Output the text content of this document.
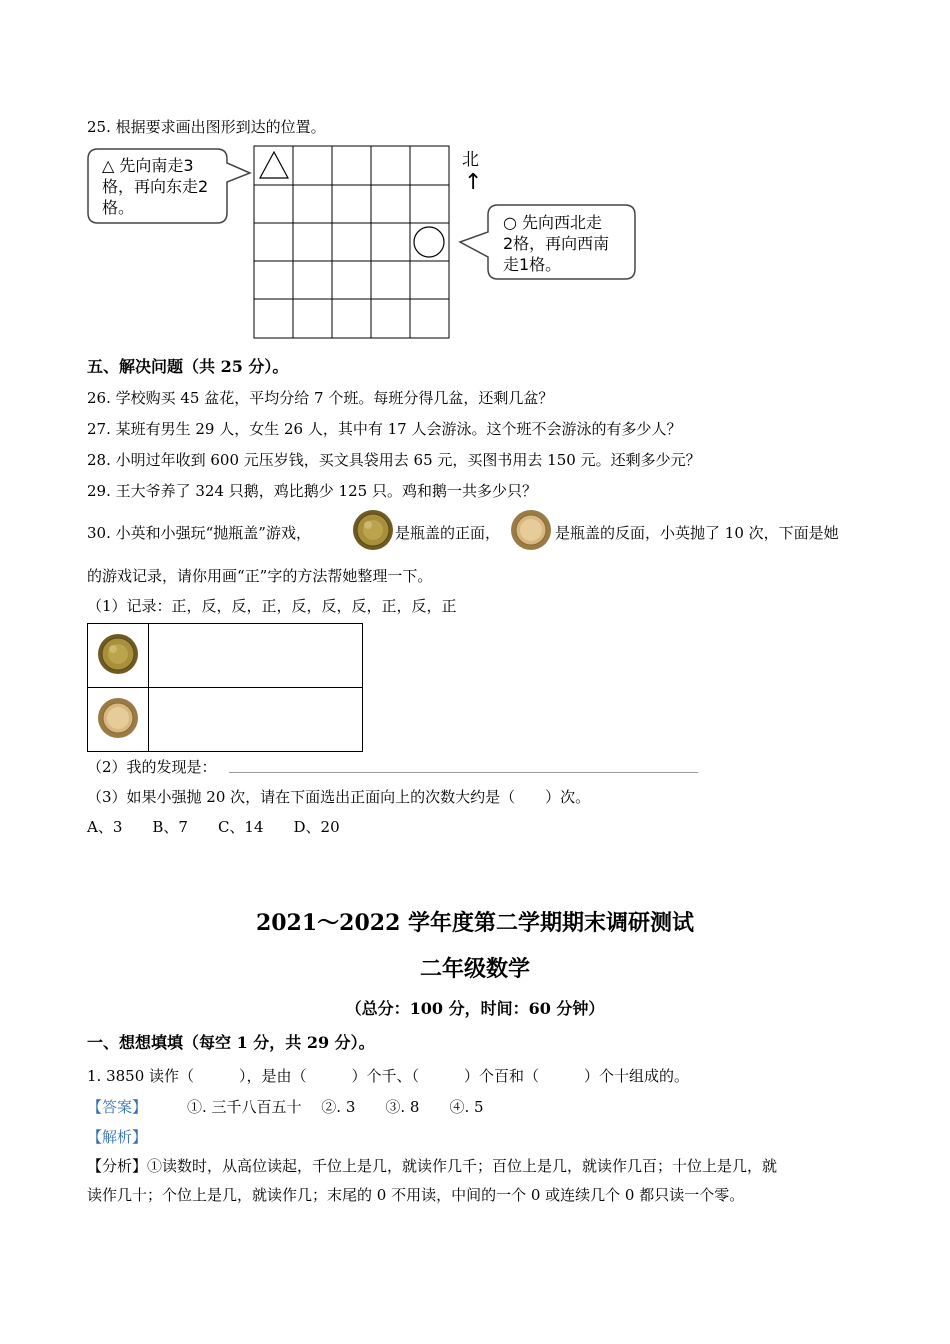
25. 根据要求画出图形到达的位置。
△ 先向南走3
格，再向东走2
格。
○ 先向西北走
2格，再向西南
走1格。
北
↑
五、解决问题（共 25 分）。
26. 学校购买 45 盆花，平均分给 7 个班。每班分得几盆，还剩几盆？
27. 某班有男生 29 人，女生 26 人，其中有 17 人会游泳。这个班不会游泳的有多少人？
28. 小明过年收到 600 元压岁钱，买文具袋用去 65 元，买图书用去 150 元。还剩多少元？
29. 王大爷养了 324 只鹅，鸡比鹅少 125 只。鸡和鹅一共多少只？
30. 小英和小强玩“抛瓶盖”游戏，	是瓶盖的正面，	是瓶盖的反面，小英抛了 10 次，下面是她
的游戏记录，请你用画“正”字的方法帮她整理一下。
（1）记录：正，反，反，正，反，反，反，正，反，正

（2）我的发现是：
（3）如果小强抛 20 次，请在下面选出正面向上的次数大约是（　　）次。
A、3　　B、7　　C、14　　D、20
2021～2022 学年度第二学期期末调研测试
二年级数学
（总分：100 分，时间：60 分钟）
一、想想填填（每空 1 分，共 29 分）。
1. 3850 读作（　　　），是由（　　　）个千、（　　　）个百和（　　　）个十组成的。
【答案】	①. 三千八百五十　 ②. 3　　③. 8　　④. 5
【解析】
【分析】①读数时，从高位读起，千位上是几，就读作几千；百位上是几，就读作几百；十位上是几，就
读作几十；个位上是几，就读作几；末尾的 0 不用读，中间的一个 0 或连续几个 0 都只读一个零。
